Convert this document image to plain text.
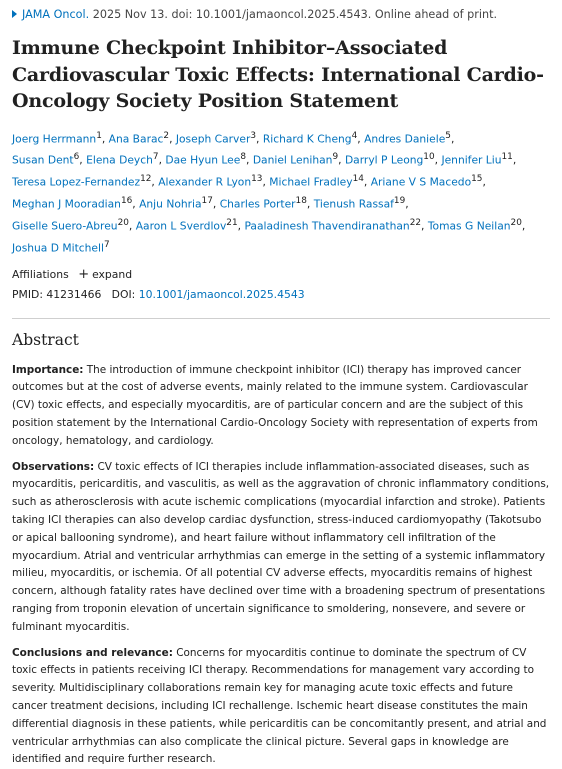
JAMA Oncol. 2025 Nov 13. doi: 10.1001/jamaoncol.2025.4543. Online ahead of print.
Immune Checkpoint Inhibitor–Associated
Cardiovascular Toxic Effects: International Cardio-
Oncology Society Position Statement
Joerg Herrmann$^1$, Ana Barac$^2$, Joseph Carver$^3$, Richard K Cheng$^4$, Andres Daniele$^5$,
Susan Dent$^6$, Elena Deych$^7$, Dae Hyun Lee$^8$, Daniel Lenihan$^9$, Darryl P Leong$^{10}$, Jennifer Liu$^{11}$,
Teresa Lopez-Fernandez$^{12}$, Alexander R Lyon$^{13}$, Michael Fradley$^{14}$, Ariane V S Macedo$^{15}$,
Meghan J Mooradian$^{16}$, Anju Nohria$^{17}$, Charles Porter$^{18}$, Tienush Rassaf$^{19}$,
Giselle Suero-Abreu$^{20}$, Aaron L Sverdlov$^{21}$, Paaladinesh Thavendiranathan$^{22}$, Tomas G Neilan$^{20}$,
Joshua D Mitchell$^7$
Affiliations + expand
PMID: 41231466 DOI: 10.1001/jamaoncol.2025.4543
Abstract

Importance: The introduction of immune checkpoint inhibitor (ICI) therapy has improved cancer outcomes but at the cost of adverse events, mainly related to the immune system. Cardiovascular (CV) toxic effects, and especially myocarditis, are of particular concern and are the subject of this position statement by the International Cardio-Oncology Society with representation of experts from oncology, hematology, and cardiology.

Observations: CV toxic effects of ICI therapies include inflammation-associated diseases, such as myocarditis, pericarditis, and vasculitis, as well as the aggravation of chronic inflammatory conditions, such as atherosclerosis with acute ischemic complications (myocardial infarction and stroke). Patients taking ICI therapies can also develop cardiac dysfunction, stress-induced cardiomyopathy (Takotsubo or apical ballooning syndrome), and heart failure without inflammatory cell infiltration of the myocardium. Atrial and ventricular arrhythmias can emerge in the setting of a systemic inflammatory milieu, myocarditis, or ischemia. Of all potential CV adverse effects, myocarditis remains of highest concern, although fatality rates have declined over time with a broadening spectrum of presentations ranging from troponin elevation of uncertain significance to smoldering, nonsevere, and severe or fulminant myocarditis.

Conclusions and relevance: Concerns for myocarditis continue to dominate the spectrum of CV toxic effects in patients receiving ICI therapy. Recommendations for management vary according to severity. Multidisciplinary collaborations remain key for managing acute toxic effects and future cancer treatment decisions, including ICI rechallenge. Ischemic heart disease constitutes the main differential diagnosis in these patients, while pericarditis can be concomitantly present, and atrial and ventricular arrhythmias can also complicate the clinical picture. Several gaps in knowledge are identified and require further research.
